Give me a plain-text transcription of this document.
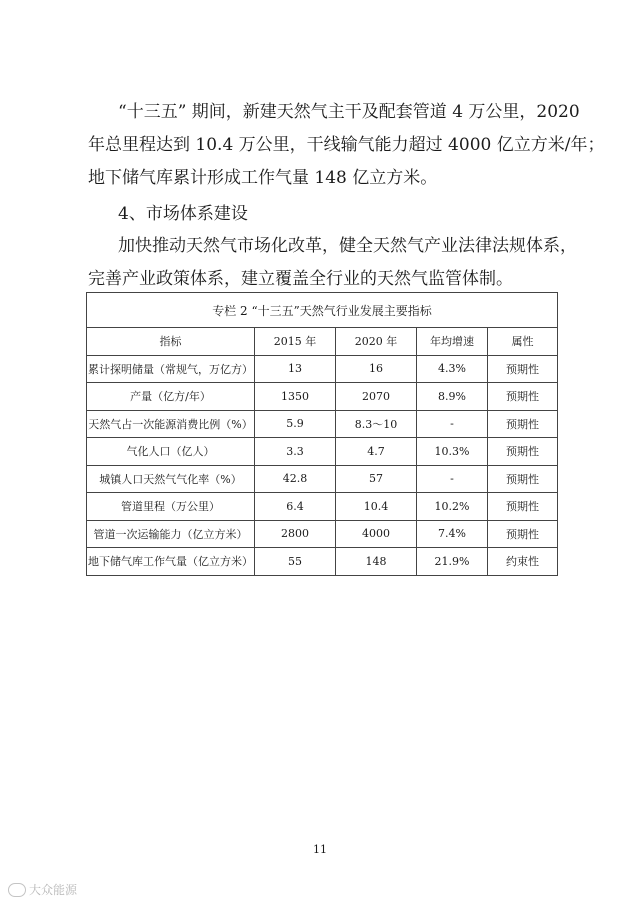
“十三五” 期间，新建天然气主干及配套管道 4 万公里，2020
年总里程达到 10.4 万公里，干线输气能力超过 4000 亿立方米/年；
地下储气库累计形成工作气量 148 亿立方米。

4、市场体系建设

加快推动天然气市场化改革，健全天然气产业法律法规体系，
完善产业政策体系，建立覆盖全行业的天然气监管体制。

专栏 2 “十三五”天然气行业发展主要指标				
指标	2015 年	2020 年	年均增速	属性
累计探明储量（常规气，万亿方）	13	16	4.3%	预期性
产量（亿方/年）	1350	2070	8.9%	预期性
天然气占一次能源消费比例（%）	5.9	8.3～10	-	预期性
气化人口（亿人）	3.3	4.7	10.3%	预期性
城镇人口天然气气化率（%）	42.8	57	-	预期性
管道里程（万公里）	6.4	10.4	10.2%	预期性
管道一次运输能力（亿立方米）	2800	4000	7.4%	预期性
地下储气库工作气量（亿立方米）	55	148	21.9%	约束性
11
大众能源
